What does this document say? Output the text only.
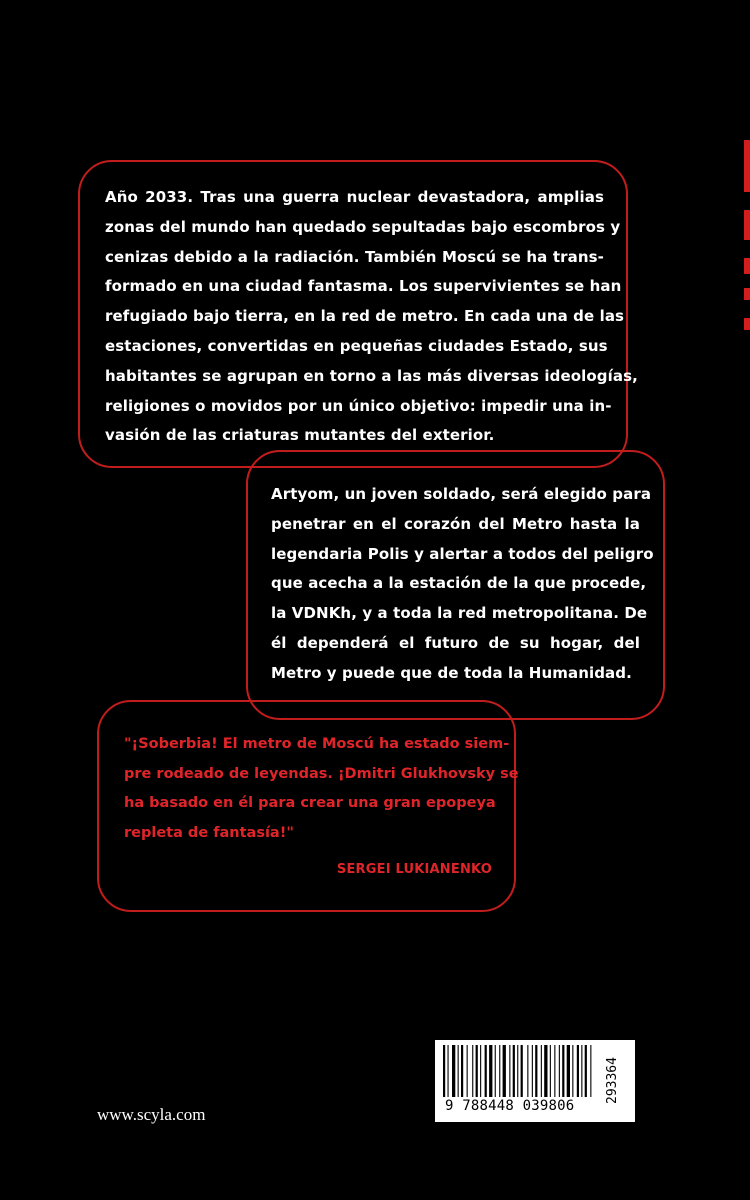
Año 2033. Tras una guerra nuclear devastadora, amplias
zonas del mundo han quedado sepultadas bajo escombros y
cenizas debido a la radiación. También Moscú se ha trans-
formado en una ciudad fantasma. Los supervivientes se han
refugiado bajo tierra, en la red de metro. En cada una de las
estaciones, convertidas en pequeñas ciudades Estado, sus
habitantes se agrupan en torno a las más diversas ideologías,
religiones o movidos por un único objetivo: impedir una in-
vasión de las criaturas mutantes del exterior.
Artyom, un joven soldado, será elegido para
penetrar en el corazón del Metro hasta la
legendaria Polis y alertar a todos del peligro
que acecha a la estación de la que procede,
la VDNKh, y a toda la red metropolitana. De
él dependerá el futuro de su hogar, del
Metro y puede que de toda la Humanidad.
"¡Soberbia! El metro de Moscú ha estado siem-
pre rodeado de leyendas. ¡Dmitri Glukhovsky se
ha basado en él para crear una gran epopeya
repleta de fantasía!"
SERGEI LUKIANENKO
www.scyla.com	9 788448 039806
293364
